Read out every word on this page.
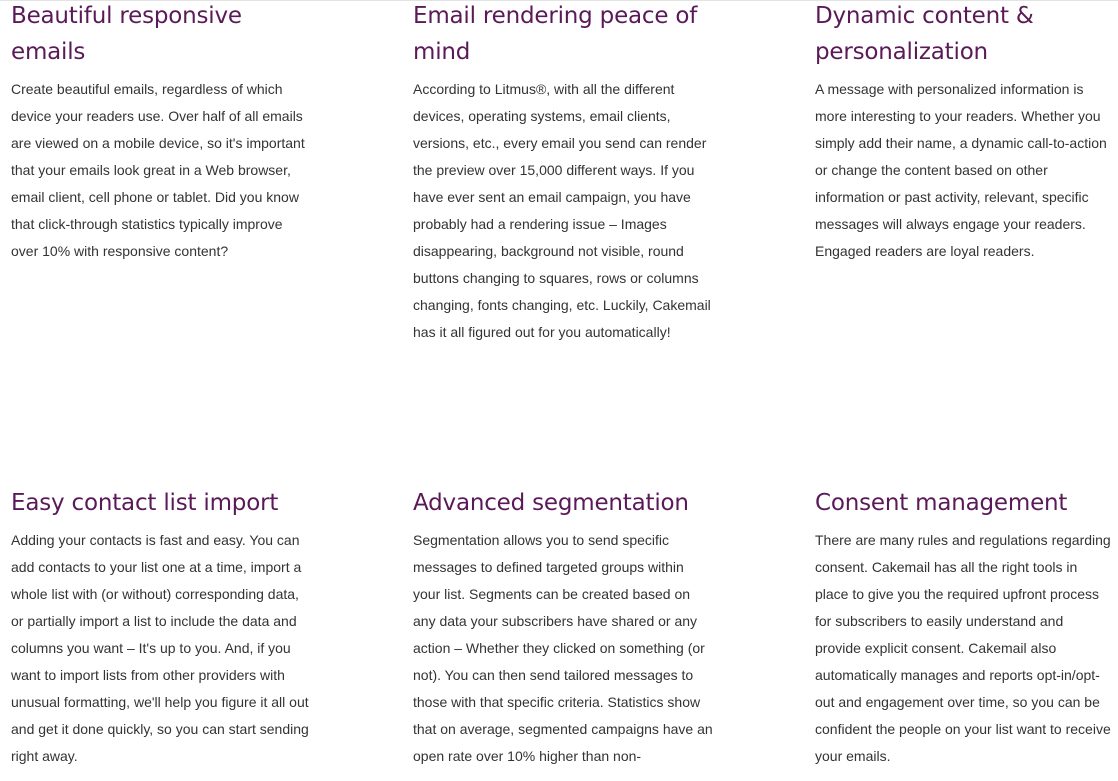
Beautiful responsive emails

Create beautiful emails, regardless of which device your readers use. Over half of all emails are viewed on a mobile device, so it's important that your emails look great in a Web browser, email client, cell phone or tablet. Did you know that click-through statistics typically improve over 10% with responsive content?

Email rendering peace of mind

According to Litmus®, with all the different devices, operating systems, email clients, versions, etc., every email you send can render the preview over 15,000 different ways. If you have ever sent an email campaign, you have probably had a rendering issue – Images disappearing, background not visible, round buttons changing to squares, rows or columns changing, fonts changing, etc. Luckily, Cakemail has it all figured out for you automatically!

Dynamic content & personalization

A message with personalized information is more interesting to your readers. Whether you simply add their name, a dynamic call-to-action or change the content based on other information or past activity, relevant, specific messages will always engage your readers. Engaged readers are loyal readers.

Easy contact list import

Adding your contacts is fast and easy. You can add contacts to your list one at a time, import a whole list with (or without) corresponding data, or partially import a list to include the data and columns you want – It's up to you. And, if you want to import lists from other providers with unusual formatting, we'll help you figure it all out and get it done quickly, so you can start sending right away.

Advanced segmentation

Segmentation allows you to send specific messages to defined targeted groups within your list. Segments can be created based on any data your subscribers have shared or any action – Whether they clicked on something (or not). You can then send tailored messages to those with that specific criteria. Statistics show that on average, segmented campaigns have an open rate over 10% higher than non-

Consent management

There are many rules and regulations regarding consent. Cakemail has all the right tools in place to give you the required upfront process for subscribers to easily understand and provide explicit consent. Cakemail also automatically manages and reports opt-in/opt-out and engagement over time, so you can be confident the people on your list want to receive your emails.
